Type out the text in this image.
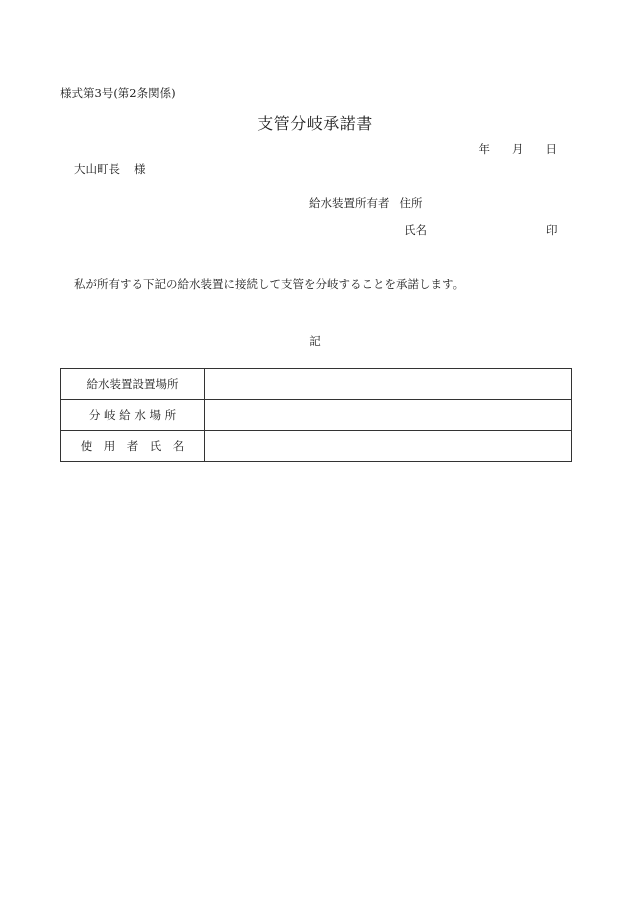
様式第3号(第2条関係)
支管分岐承諾書
年 月 日
大山町長 様
給水装置所有者 住所
氏名	印
私が所有する下記の給水装置に接続して支管を分岐することを承諾します。
記
給水装置設置場所	
分 岐 給 水 場 所	
使　用　者　氏　名	
